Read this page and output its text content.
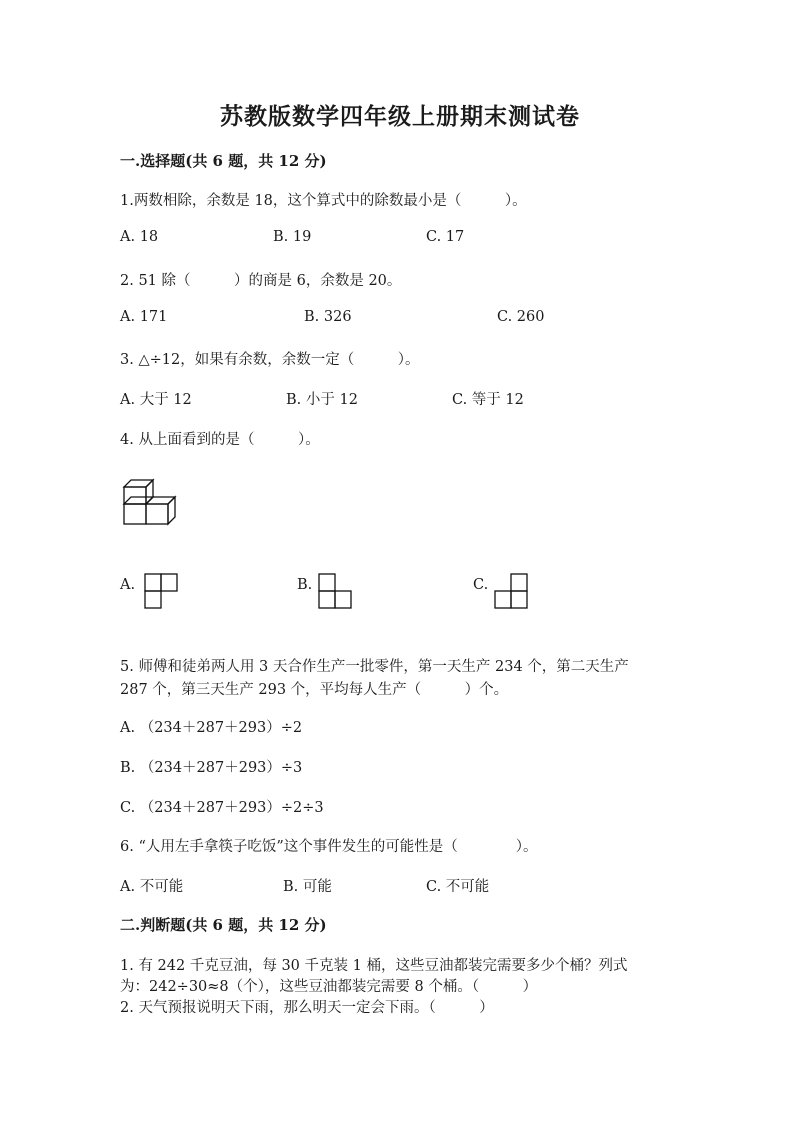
苏教版数学四年级上册期末测试卷
一.选择题(共 6 题，共 12 分)
1.两数相除，余数是 18，这个算式中的除数最小是（　　　）。
A. 18	B. 19	C. 17
2. 51 除（　　　）的商是 6，余数是 20。
A. 171	B. 326	C. 260
3. △÷12，如果有余数，余数一定（　　　）。
A. 大于 12	B. 小于 12	C. 等于 12
4. 从上面看到的是（　　　）。
A.	B.	C.
5. 师傅和徒弟两人用 3 天合作生产一批零件，第一天生产 234 个，第二天生产
287 个，第三天生产 293 个，平均每人生产（　　　）个。
A. （234＋287＋293）÷2
B. （234＋287＋293）÷3
C. （234＋287＋293）÷2÷3
6. “人用左手拿筷子吃饭”这个事件发生的可能性是（　　　　）。
A. 不可能	B. 可能	C. 不可能
二.判断题(共 6 题，共 12 分)
1. 有 242 千克豆油，每 30 千克装 1 桶，这些豆油都装完需要多少个桶？列式
为：242÷30≈8（个），这些豆油都装完需要 8 个桶。（　　　）
2. 天气预报说明天下雨，那么明天一定会下雨。（　　　）
